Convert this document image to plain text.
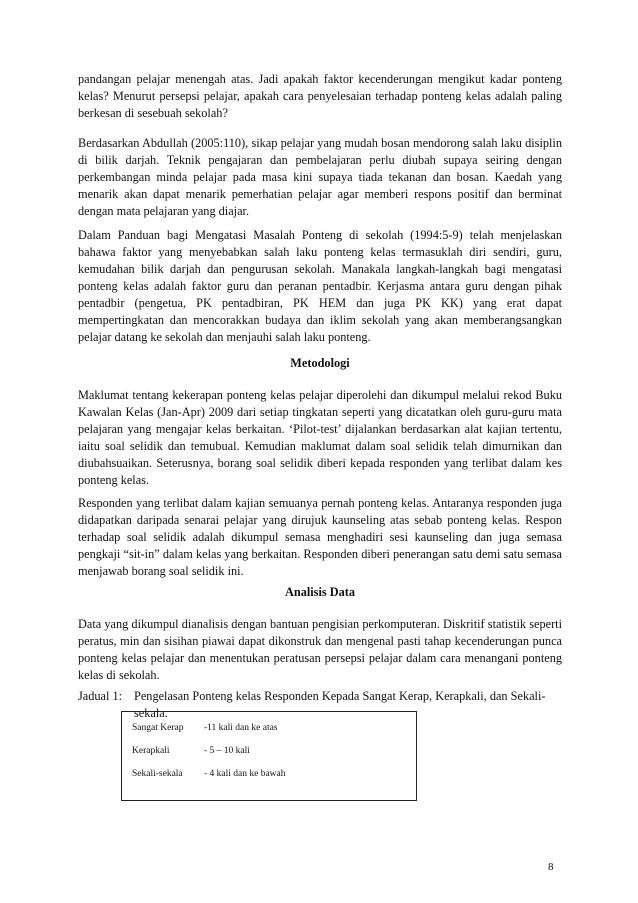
pandangan pelajar menengah atas. Jadi apakah faktor kecenderungan mengikut kadar ponteng kelas? Menurut persepsi pelajar, apakah cara penyelesaian terhadap ponteng kelas adalah paling berkesan di sesebuah sekolah?

Berdasarkan Abdullah (2005:110), sikap pelajar yang mudah bosan mendorong salah laku disiplin di bilik darjah. Teknik pengajaran dan pembelajaran perlu diubah supaya seiring dengan perkembangan minda pelajar pada masa kini supaya tiada tekanan dan bosan. Kaedah yang menarik akan dapat menarik pemerhatian pelajar agar memberi respons positif dan berminat dengan mata pelajaran yang diajar.

Dalam Panduan bagi Mengatasi Masalah Ponteng di sekolah (1994:5-9) telah menjelaskan bahawa faktor yang menyebabkan salah laku ponteng kelas termasuklah diri sendiri, guru, kemudahan bilik darjah dan pengurusan sekolah. Manakala langkah-langkah bagi mengatasi ponteng kelas adalah faktor guru dan peranan pentadbir. Kerjasma antara guru dengan pihak pentadbir (pengetua, PK pentadbiran, PK HEM dan juga PK KK) yang erat dapat mempertingkatan dan mencorakkan budaya dan iklim sekolah yang akan memberangsangkan pelajar datang ke sekolah dan menjauhi salah laku ponteng.

Metodologi

Maklumat tentang kekerapan ponteng kelas pelajar diperolehi dan dikumpul melalui rekod Buku Kawalan Kelas (Jan-Apr) 2009 dari setiap tingkatan seperti yang dicatatkan oleh guru-guru mata pelajaran yang mengajar kelas berkaitan. ‘Pilot-test’ dijalankan berdasarkan alat kajian tertentu, iaitu soal selidik dan temubual. Kemudian maklumat dalam soal selidik telah dimurnikan dan diubahsuaikan. Seterusnya, borang soal selidik diberi kepada responden yang terlibat dalam kes ponteng kelas.

Responden yang terlibat dalam kajian semuanya pernah ponteng kelas. Antaranya responden juga didapatkan daripada senarai pelajar yang dirujuk kaunseling atas sebab ponteng kelas. Respon terhadap soal selidik adalah dikumpul semasa menghadiri sesi kaunseling dan juga semasa pengkaji “sit-in” dalam kelas yang berkaitan. Responden diberi penerangan satu demi satu semasa menjawab borang soal selidik ini.

Analisis Data

Data yang dikumpul dianalisis dengan bantuan pengisian perkomputeran. Diskritif statistik seperti peratus, min dan sisihan piawai dapat dikonstruk dan mengenal pasti tahap kecenderungan punca ponteng kelas pelajar dan menentukan peratusan persepsi pelajar dalam cara menangani ponteng kelas di sekolah.

Jadual 1: Pengelasan Ponteng kelas Responden Kepada Sangat Kerap, Kerapkali, dan Sekali-
sekala.

Sangat Kerap -11 kali dan ke atas
Kerapkali	- 5 – 10 kali
Sekali-sekala - 4 kali dan ke bawah
8
